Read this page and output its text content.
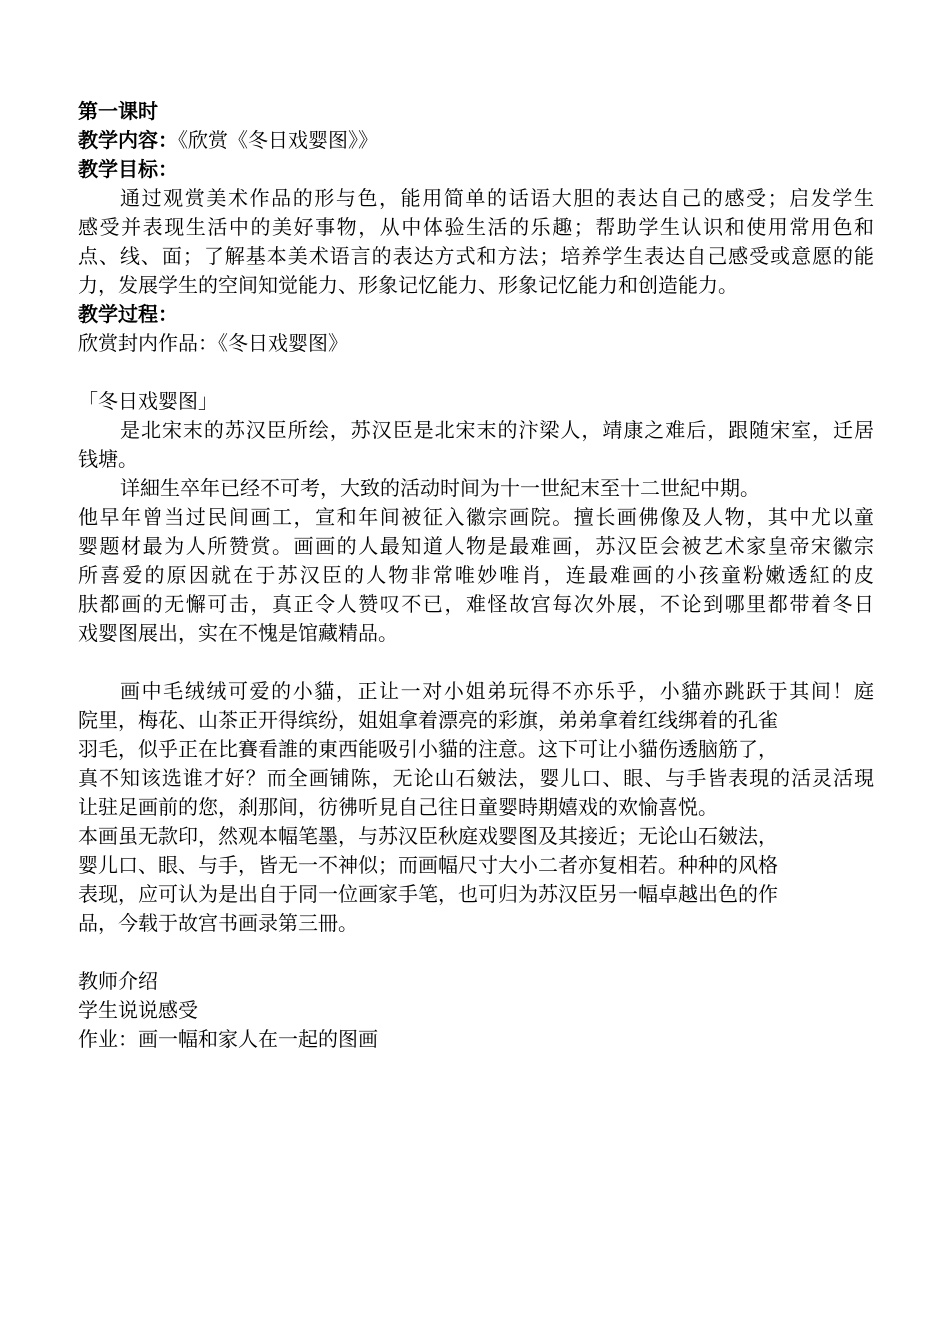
第一课时
教学内容：《欣赏《冬日戏婴图》》
教学目标：
通过观赏美术作品的形与色，能用简单的话语大胆的表达自己的感受；启发学生
感受并表现生活中的美好事物，从中体验生活的乐趣；帮助学生认识和使用常用色和
点、线、面；了解基本美术语言的表达方式和方法；培养学生表达自己感受或意愿的能
力，发展学生的空间知觉能力、形象记忆能力、形象记忆能力和创造能力。
教学过程：
欣赏封内作品：《冬日戏婴图》
「冬日戏婴图」
是北宋末的苏汉臣所绘，苏汉臣是北宋末的汴梁人，靖康之难后，跟随宋室，迁居
钱塘。
详細生卒年已经不可考，大致的活动时间为十一世紀末至十二世紀中期。
他早年曾当过民间画工，宣和年间被征入徽宗画院。擅长画佛像及人物，其中尤以童
婴题材最为人所赞赏。画画的人最知道人物是最难画，苏汉臣会被艺术家皇帝宋徽宗
所喜爱的原因就在于苏汉臣的人物非常唯妙唯肖，连最难画的小孩童粉嫩透紅的皮
肤都画的无懈可击，真正令人赞叹不已，难怪故宫每次外展，不论到哪里都带着冬日
戏婴图展出，实在不愧是馆藏精品。
画中毛绒绒可爱的小貓，正让一对小姐弟玩得不亦乐乎，小貓亦跳跃于其间！庭
院里，梅花、山茶正开得缤纷，姐姐拿着漂亮的彩旗，弟弟拿着红线绑着的孔雀
羽毛，似乎正在比賽看誰的東西能吸引小貓的注意。这下可让小貓伤透脑筋了，
真不知该选谁才好？而全画铺陈，无论山石皴法，婴儿口、眼、与手皆表現的活灵活現
让驻足画前的您，刹那间，彷彿听見自己往日童婴時期嬉戏的欢愉喜悦。
本画虽无款印，然观本幅笔墨，与苏汉臣秋庭戏婴图及其接近；无论山石皴法，
婴儿口、眼、与手，皆无一不神似；而画幅尺寸大小二者亦复相若。种种的风格
表现，应可认为是出自于同一位画家手笔，也可归为苏汉臣另一幅卓越出色的作
品，今载于故宫书画录第三冊。
教师介绍
学生说说感受
作业：画一幅和家人在一起的图画
